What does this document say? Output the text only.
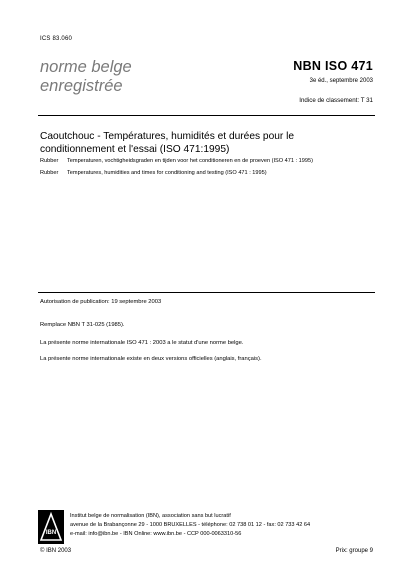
ICS 83.060
norme belge
enregistrée
NBN ISO 471
3e éd., septembre 2003
Indice de classement: T 31
Caoutchouc - Températures, humidités et durées pour le conditionnement et l'essai (ISO 471:1995)
Rubber Temperaturen, vochtigheidsgraden en tijden voor het conditioneren en de proeven (ISO 471 : 1995)
Rubber Temperatures, humidities and times for conditioning and testing (ISO 471 : 1995)
Autorisation de publication: 19 septembre 2003
Remplace NBN T 31-025 (1985).
La présente norme internationale ISO 471 : 2003 a le statut d'une norme belge.
La présente norme internationale existe en deux versions officielles (anglais, français).
IBN
Institut belge de normalisation (IBN), association sans but lucratif
avenue de la Brabançonne 29 - 1000 BRUXELLES - téléphone: 02 738 01 12 - fax: 02 733 42 64
e-mail: info@ibn.be - IBN Online: www.ibn.be - CCP 000-0063310-56
© IBN 2003	Prix: groupe 9
